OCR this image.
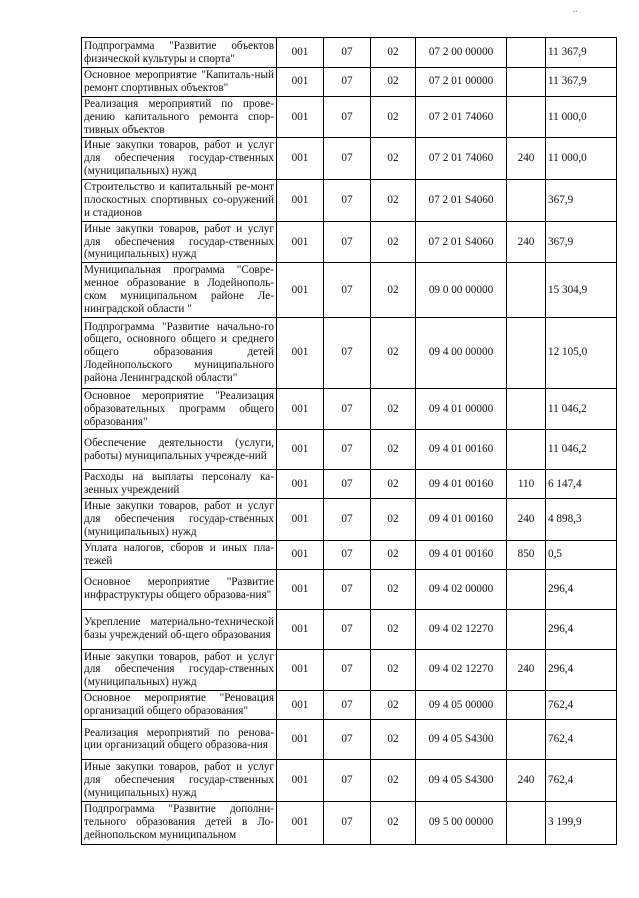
..
Подпрограмма "Развитие объектов физической культуры и спорта"	001	07	02	07 2 00 00000		11 367,9
Основное мероприятие "Капиталь-ный ремонт спортивных объектов"	001	07	02	07 2 01 00000		11 367,9
Реализация мероприятий по прове-дению капитального ремонта спор-тивных объектов	001	07	02	07 2 01 74060		11 000,0
Иные закупки товаров, работ и услуг для обеспечения государ-ственных (муниципальных) нужд	001	07	02	07 2 01 74060	240	11 000,0
Строительство и капитальный ре-монт плоскостных спортивных со-оружений и стадионов	001	07	02	07 2 01 S4060		367,9
Иные закупки товаров, работ и услуг для обеспечения государ-ственных (муниципальных) нужд	001	07	02	07 2 01 S4060	240	367,9
Муниципальная программа "Совре-менное образование в Лодейнополь-ском муниципальном районе Ле-нинградской области "	001	07	02	09 0 00 00000		15 304,9
Подпрограмма "Развитие начально-го общего, основного общего и среднего общего образования детей Лодейнопольского муниципального района Ленинградской области"	001	07	02	09 4 00 00000		12 105,0
Основное мероприятие "Реализация образовательных программ общего образования"	001	07	02	09 4 01 00000		11 046,2
Обеспечение деятельности (услуги, работы) муниципальных учрежде-ний	001	07	02	09 4 01 00160		11 046,2
Расходы на выплаты персоналу ка-зенных учреждений	001	07	02	09 4 01 00160	110	6 147,4
Иные закупки товаров, работ и услуг для обеспечения государ-ственных (муниципальных) нужд	001	07	02	09 4 01 00160	240	4 898,3
Уплата налогов, сборов и иных пла-тежей	001	07	02	09 4 01 00160	850	0,5
Основное мероприятие "Развитие инфраструктуры общего образова-ния"	001	07	02	09 4 02 00000		296,4
Укрепление материально-технической базы учреждений об-щего образования	001	07	02	09 4 02 12270		296,4
Иные закупки товаров, работ и услуг для обеспечения государ-ственных (муниципальных) нужд	001	07	02	09 4 02 12270	240	296,4
Основное мероприятие "Реновация организаций общего образования"	001	07	02	09 4 05 00000		762,4
Реализация мероприятий по ренова-ции организаций общего образова-ния	001	07	02	09 4 05 S4300		762,4
Иные закупки товаров, работ и услуг для обеспечения государ-ственных (муниципальных) нужд	001	07	02	09 4 05 S4300	240	762,4
Подпрограмма "Развитие дополни-тельного образования детей в Ло-дейнопольском муниципальном	001	07	02	09 5 00 00000		3 199,9
